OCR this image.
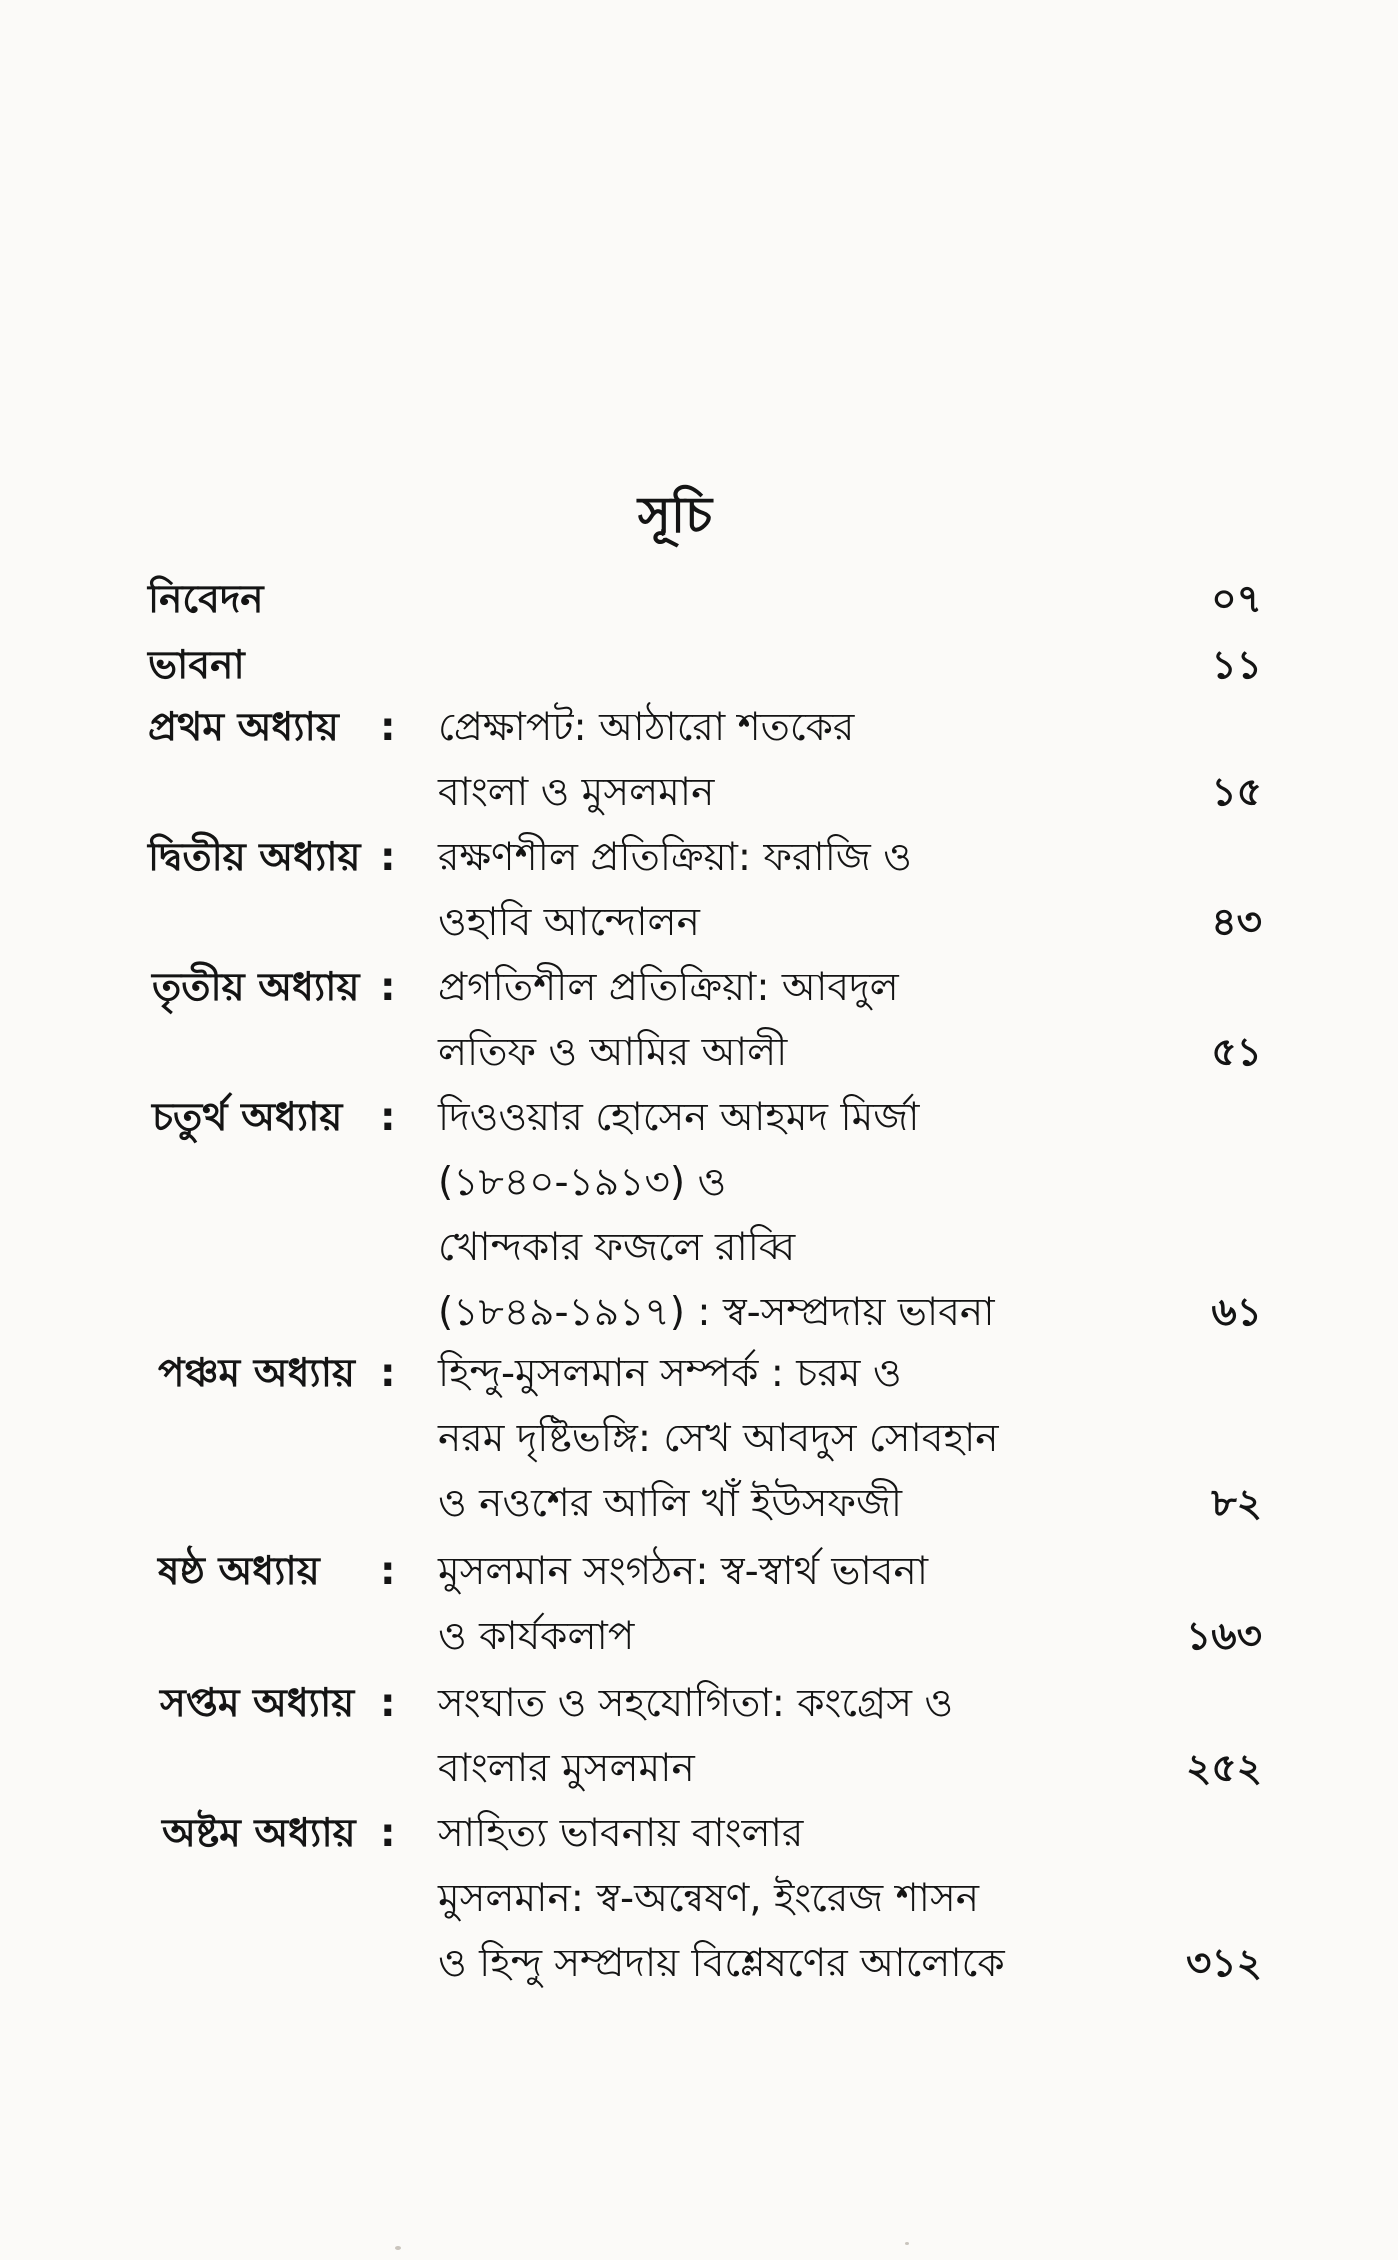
সূচি
নিবেদন	০৭
ভাবনা	১১
প্রথম অধ্যায় : প্রেক্ষাপট: আঠারো শতকের
বাংলা ও মুসলমান	১৫
দ্বিতীয় অধ্যায় : রক্ষণশীল প্রতিক্রিয়া: ফরাজি ও
ওহাবি আন্দোলন	৪৩
তৃতীয় অধ্যায় : প্রগতিশীল প্রতিক্রিয়া: আবদুল
লতিফ ও আমির আলী	৫১
চতুর্থ অধ্যায় : দিওওয়ার হোসেন আহমদ মির্জা
(১৮৪০-১৯১৩) ও
খোন্দকার ফজলে রাব্বি
(১৮৪৯-১৯১৭) : স্ব-সম্প্রদায় ভাবনা	৬১
পঞ্চম অধ্যায় : হিন্দু-মুসলমান সম্পর্ক : চরম ও
নরম দৃষ্টিভঙ্গি: সেখ আবদুস সোবহান
ও নওশের আলি খাঁ ইউসফজী	৮২
ষষ্ঠ অধ্যায় : মুসলমান সংগঠন: স্ব-স্বার্থ ভাবনা
ও কার্যকলাপ	১৬৩
সপ্তম অধ্যায় : সংঘাত ও সহযোগিতা: কংগ্রেস ও
বাংলার মুসলমান	২৫২
অষ্টম অধ্যায় : সাহিত্য ভাবনায় বাংলার
মুসলমান: স্ব-অন্বেষণ, ইংরেজ শাসন
ও হিন্দু সম্প্রদায় বিশ্লেষণের আলোকে	৩১২
